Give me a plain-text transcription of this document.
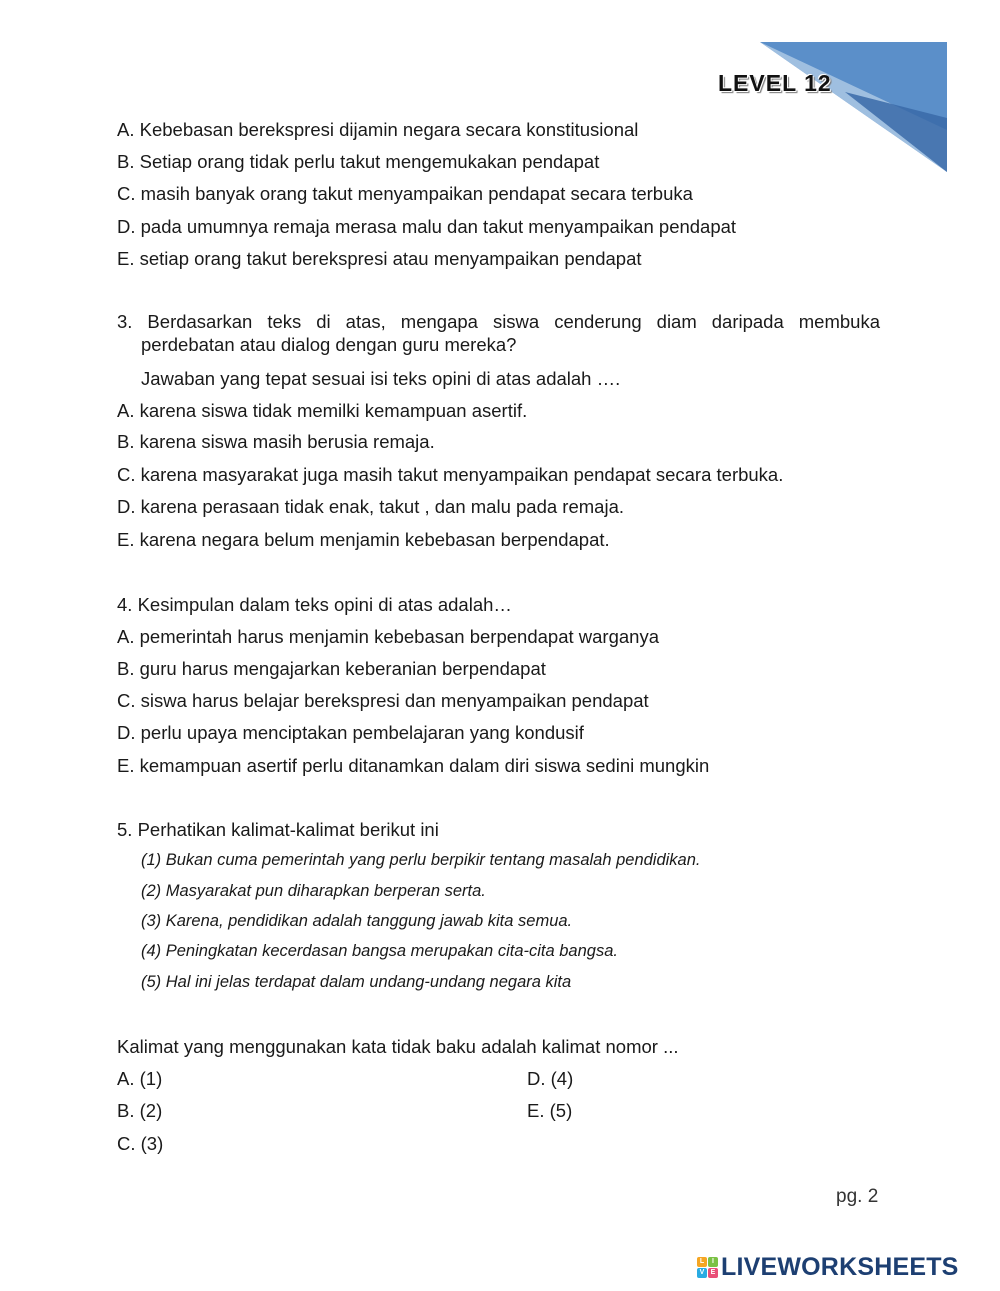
LEVEL 12
A. Kebebasan berekspresi dijamin negara secara konstitusional
B. Setiap orang tidak perlu takut mengemukakan pendapat
C. masih banyak orang takut menyampaikan pendapat secara terbuka
D. pada umumnya remaja merasa malu dan takut menyampaikan pendapat
E. setiap orang takut berekspresi atau menyampaikan pendapat
3. Berdasarkan teks di atas, mengapa siswa cenderung diam daripada membuka
perdebatan atau dialog dengan guru mereka?
Jawaban yang tepat sesuai isi teks opini di atas adalah ….
A. karena siswa tidak memilki kemampuan asertif.
B. karena siswa masih berusia remaja.
C. karena masyarakat juga masih takut menyampaikan pendapat secara terbuka.
D. karena perasaan tidak enak, takut , dan malu pada remaja.
E. karena negara belum menjamin kebebasan berpendapat.
4. Kesimpulan dalam teks opini di atas adalah…
A. pemerintah harus menjamin kebebasan berpendapat warganya
B. guru harus mengajarkan keberanian berpendapat
C. siswa harus belajar berekspresi dan menyampaikan pendapat
D. perlu upaya menciptakan pembelajaran yang kondusif
E. kemampuan asertif perlu ditanamkan dalam diri siswa sedini mungkin
5. Perhatikan kalimat-kalimat berikut ini
(1) Bukan cuma pemerintah yang perlu berpikir tentang masalah pendidikan.
(2) Masyarakat pun diharapkan berperan serta.
(3) Karena, pendidikan adalah tanggung jawab kita semua.
(4) Peningkatan kecerdasan bangsa merupakan cita-cita bangsa.
(5) Hal ini jelas terdapat dalam undang-undang negara kita
Kalimat yang menggunakan kata tidak baku adalah kalimat nomor ...
A. (1)	D. (4)
B. (2)	E. (5)
C. (3)
pg. 2
L	I
V E LIVEWORKSHEETS
